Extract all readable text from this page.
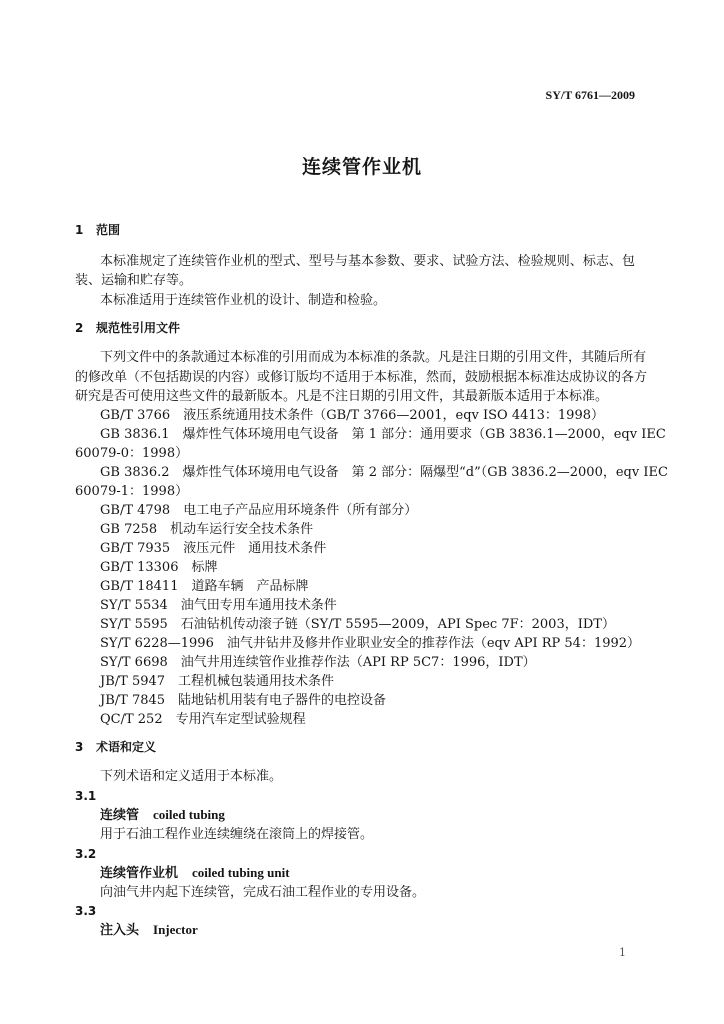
SY/T 6761—2009
连续管作业机
1 范围
本标准规定了连续管作业机的型式、型号与基本参数、要求、试验方法、检验规则、标志、包
装、运输和贮存等。
本标准适用于连续管作业机的设计、制造和检验。
2 规范性引用文件
下列文件中的条款通过本标准的引用而成为本标准的条款。凡是注日期的引用文件，其随后所有
的修改单（不包括勘误的内容）或修订版均不适用于本标准，然而，鼓励根据本标准达成协议的各方
研究是否可使用这些文件的最新版本。凡是不注日期的引用文件，其最新版本适用于本标准。
GB/T 3766 液压系统通用技术条件（GB/T 3766—2001，eqv ISO 4413：1998）
GB 3836.1 爆炸性气体环境用电气设备　第 1 部分：通用要求（GB 3836.1—2000，eqv IEC
60079-0：1998）
GB 3836.2 爆炸性气体环境用电气设备　第 2 部分：隔爆型“d”（GB 3836.2—2000，eqv IEC
60079-1：1998）
GB/T 4798 电工电子产品应用环境条件（所有部分）
GB 7258 机动车运行安全技术条件
GB/T 7935 液压元件　通用技术条件
GB/T 13306 标牌
GB/T 18411 道路车辆　产品标牌
SY/T 5534 油气田专用车通用技术条件
SY/T 5595 石油钻机传动滚子链（SY/T 5595—2009，API Spec 7F：2003，IDT）
SY/T 6228—1996 油气井钻井及修井作业职业安全的推荐作法（eqv API RP 54：1992）
SY/T 6698 油气井用连续管作业推荐作法（API RP 5C7：1996，IDT）
JB/T 5947 工程机械包装通用技术条件
JB/T 7845 陆地钻机用装有电子器件的电控设备
QC/T 252 专用汽车定型试验规程
3 术语和定义
下列术语和定义适用于本标准。
3.1
连续管 coiled tubing
用于石油工程作业连续缠绕在滚筒上的焊接管。
3.2
连续管作业机 coiled tubing unit
向油气井内起下连续管，完成石油工程作业的专用设备。
3.3
注入头 Injector
1
